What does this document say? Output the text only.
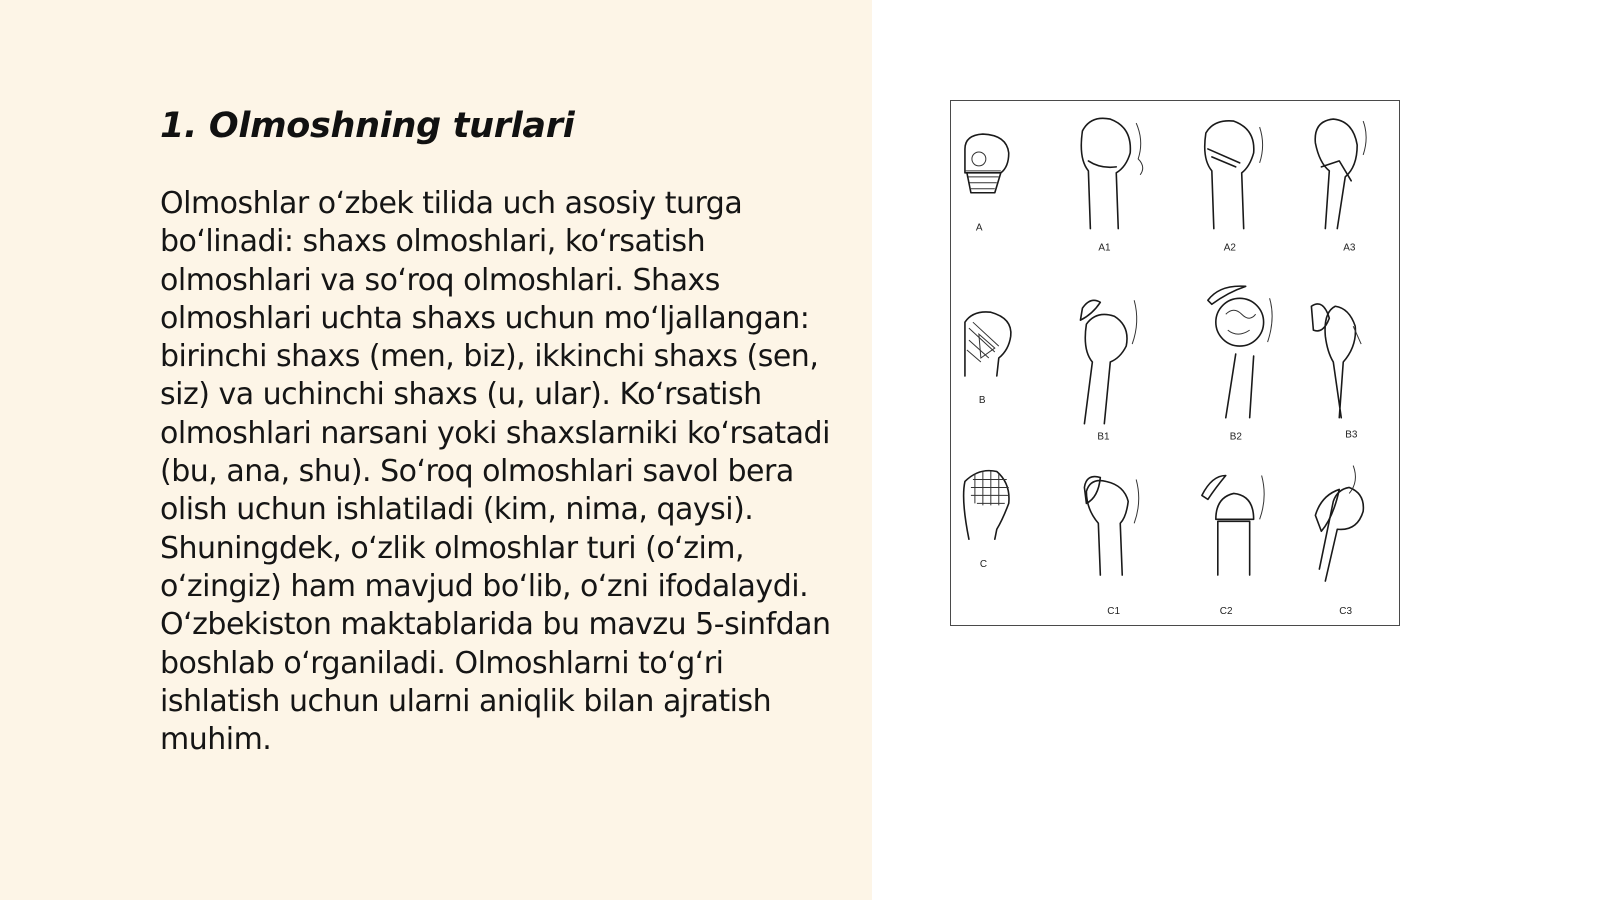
1. Olmoshning turlari

Olmoshlar o‘zbek tilida uch asosiy turga bo‘linadi: shaxs olmoshlari, ko‘rsatish olmoshlari va so‘roq olmoshlari. Shaxs olmoshlari uchta shaxs uchun mo‘ljallangan: birinchi shaxs (men, biz), ikkinchi shaxs (sen, siz) va uchinchi shaxs (u, ular). Ko‘rsatish olmoshlari narsani yoki shaxslarniki ko‘rsatadi (bu, ana, shu). So‘roq olmoshlari savol bera olish uchun ishlatiladi (kim, nima, qaysi). Shuningdek, o‘zlik olmoshlar turi (o‘zim, o‘zingiz) ham mavjud bo‘lib, o‘zni ifodalaydi. O‘zbekiston maktablarida bu mavzu 5-sinfdan boshlab o‘rganiladi. Olmoshlarni to‘g‘ri ishlatish uchun ularni aniqlik bilan ajratish muhim.

A
A1	A2	A3
B
B1	B2	B3
C
C1	C2	C3
